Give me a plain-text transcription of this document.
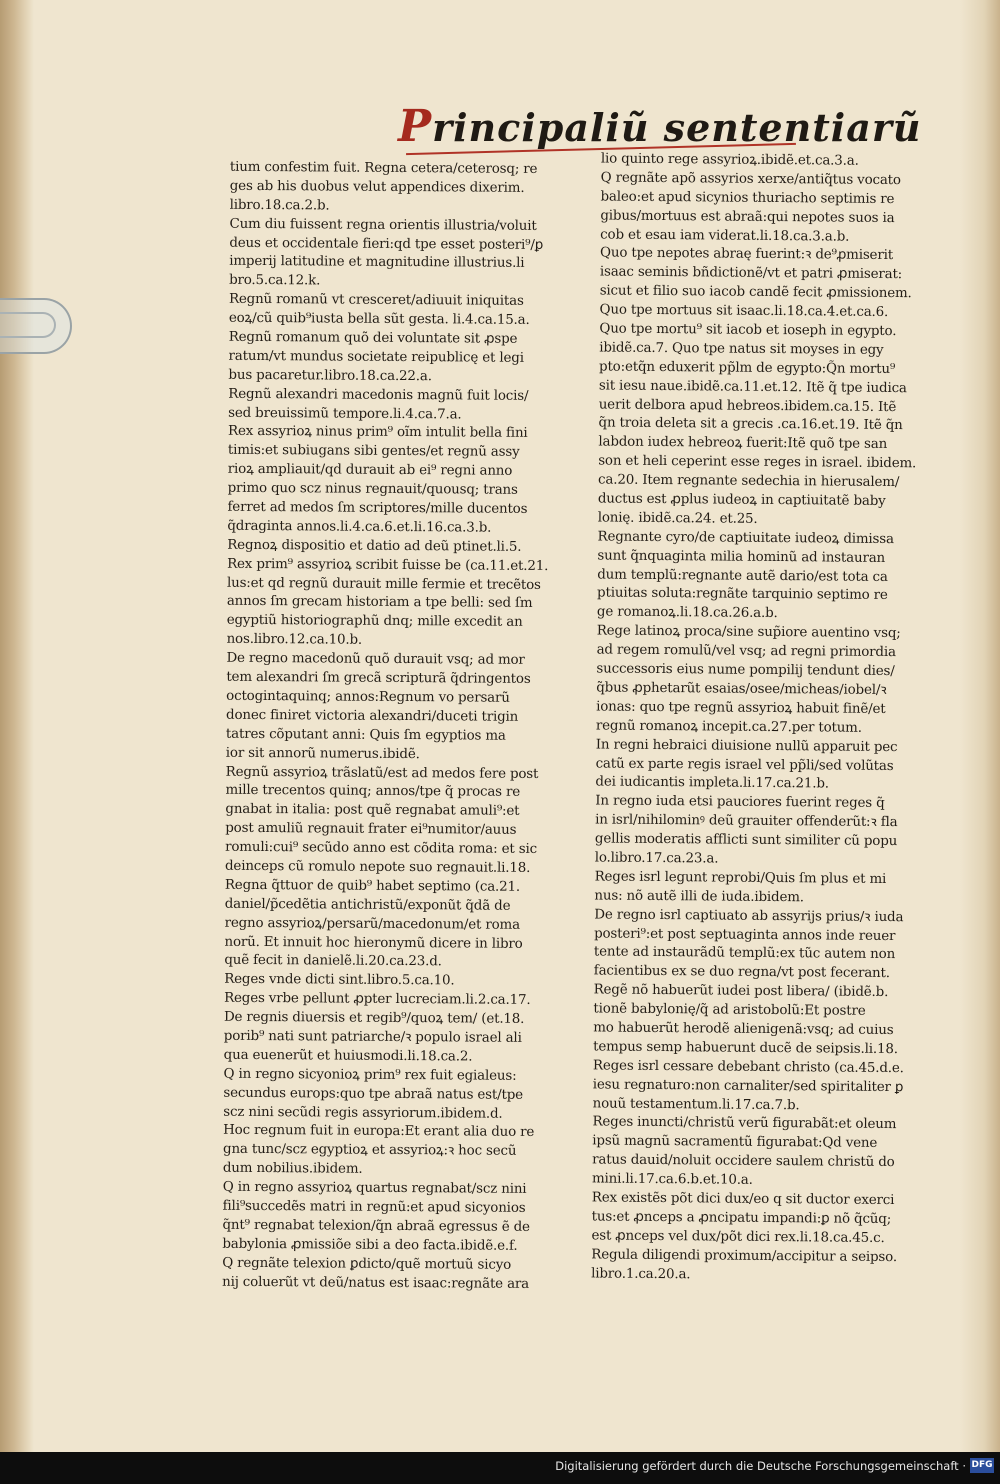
Principaliũ sententiarũ
tium confestim fuit. Regna cetera/ceterosq; re
ges ab his duobus velut appendices dixerim.
libro.18.ca.2.b.
Cum diu fuissent regna orientis illustria/voluit
deus et occidentale fieri:qd tpe esset posteri⁹/ꝑ
imperij latitudine et magnitudine illustrius.li
bro.5.ca.12.k.
Regnũ romanũ vt cresceret/adiuuit iniquitas
eoꝝ/cũ quib⁹iusta bella sũt gesta. li.4.ca.15.a.
Regnũ romanum quõ dei voluntate sit ꝓspe
ratum/vt mundus societate reipublicę et legi
bus pacaretur.libro.18.ca.22.a.
Regnũ alexandri macedonis magnũ fuit locis/
sed breuissimũ tempore.li.4.ca.7.a.
Rex assyrioꝝ ninus prim⁹ oĩm intulit bella fini
timis:et subiugans sibi gentes/et regnũ assy
rioꝝ ampliauit/qd durauit ab ei⁹ regni anno
primo quo scz ninus regnauit/quousq; trans
ferret ad medos ſm scriptores/mille ducentos
q̃draginta annos.li.4.ca.6.et.li.16.ca.3.b.
Regnoꝝ dispositio et datio ad deũ ptinet.li.5.
Rex prim⁹ assyrioꝝ scribit fuisse be (ca.11.et.21.
lus:et qd regnũ durauit mille fermie et trecẽtos
annos ſm grecam historiam a tpe belli: sed ſm
egyptiũ historiographũ dnq; mille excedit an
nos.libro.12.ca.10.b.
De regno macedonũ quõ durauit vsq; ad mor
tem alexandri ſm grecã scripturã q̃dringentos
octogintaquinq; annos:Regnum vo persarũ
donec finiret victoria alexandri/duceti trigin
tatres cõputant anni: Quis ſm egyptios ma
ior sit annorũ numerus.ibidẽ.
Regnũ assyrioꝝ trãslatũ/est ad medos fere post
mille trecentos quinq; annos/tpe q̃ procas re
gnabat in italia: post quẽ regnabat amuli⁹:et
post amuliũ regnauit frater ei⁹numitor/auus
romuli:cui⁹ secũdo anno est cõdita roma: et sic
deinceps cũ romulo nepote suo regnauit.li.18.
Regna q̃ttuor de quib⁹ habet septimo (ca.21.
daniel/p̃cedẽtia antichristũ/exponũt q̃dã de
regno assyrioꝝ/persarũ/macedonum/et roma
norũ. Et innuit hoc hieronymũ dicere in libro
quẽ fecit in danielẽ.li.20.ca.23.d.
Reges vnde dicti sint.libro.5.ca.10.
Reges vrbe pellunt ꝓpter lucreciam.li.2.ca.17.
De regnis diuersis et regib⁹/quoꝝ tem/ (et.18.
porib⁹ nati sunt patriarche/ꝛ populo israel ali
qua euenerũt et huiusmodi.li.18.ca.2.
Q in regno sicyonioꝝ prim⁹ rex fuit egialeus:
secundus europs:quo tpe abraã natus est/tpe
scz nini secũdi regis assyriorum.ibidem.d.
Hoc regnum fuit in europa:Et erant alia duo re
gna tunc/scz egyptioꝝ et assyrioꝝ:ꝛ hoc secũ
dum nobilius.ibidem.
Q in regno assyrioꝝ quartus regnabat/scz nini
fili⁹succedẽs matri in regnũ:et apud sicyonios
q̃nt⁹ regnabat telexion/q̃n abraã egressus ẽ de
babylonia ꝓmissiõe sibi a deo facta.ibidẽ.e.f.
Q regnãte telexion ꝑdicto/quẽ mortuũ sicyo
nij coluerũt vt deũ/natus est isaac:regnãte ara
lio quinto rege assyrioꝝ.ibidẽ.et.ca.3.a.
Q regnãte apõ assyrios xerxe/antiq̃tus vocato
baleo:et apud sicynios thuriacho septimis re
gibus/mortuus est abraã:qui nepotes suos ia
cob et esau iam viderat.li.18.ca.3.a.b.
Quo tpe nepotes abraę fuerint:ꝛ de⁹ꝓmiserit
isaac seminis bñdictionẽ/vt et patri ꝓmiserat:
sicut et filio suo iacob candẽ fecit ꝓmissionem.
Quo tpe mortuus sit isaac.li.18.ca.4.et.ca.6.
Quo tpe mortu⁹ sit iacob et ioseph in egypto.
ibidẽ.ca.7. Quo tpe natus sit moyses in egy
pto:etq̃n eduxerit pp̃lm de egypto:Q̃n mortu⁹
sit iesu naue.ibidẽ.ca.11.et.12. Itẽ q̃ tpe iudica
uerit delbora apud hebreos.ibidem.ca.15. Itẽ
q̃n troia deleta sit a grecis .ca.16.et.19. Itẽ q̃n
labdon iudex hebreoꝝ fuerit:Itẽ quõ tpe san
son et heli ceperint esse reges in israel. ibidem.
ca.20. Item regnante sedechia in hierusalem/
ductus est ꝓplus iudeoꝝ in captiuitatẽ baby
lonię. ibidẽ.ca.24. et.25.
Regnante cyro/de captiuitate iudeoꝝ dimissa
sunt q̃nquaginta milia hominũ ad instauran
dum templũ:regnante autẽ dario/est tota ca
ptiuitas soluta:regnãte tarquinio septimo re
ge romanoꝝ.li.18.ca.26.a.b.
Rege latinoꝝ proca/sine sup̃iore auentino vsq;
ad regem romulũ/vel vsq; ad regni primordia
successoris eius nume pompilij tendunt dies/
q̃bus ꝓphetarũt esaias/osee/micheas/iobel/ꝛ
ionas: quo tpe regnũ assyrioꝝ habuit finẽ/et
regnũ romanoꝝ incepit.ca.27.per totum.
In regni hebraici diuisione nullũ apparuit pec
catũ ex parte regis israel vel pp̃li/sed volũtas
dei iudicantis impleta.li.17.ca.21.b.
In regno iuda etsi pauciores fuerint reges q̃
in isrl/nihilominꝰ deũ grauiter offenderũt:ꝛ fla
gellis moderatis afflicti sunt similiter cũ popu
lo.libro.17.ca.23.a.
Reges isrl legunt reprobi/Quis ſm plus et mi
nus: nõ autẽ illi de iuda.ibidem.
De regno isrl captiuato ab assyrijs prius/ꝛ iuda
posteri⁹:et post septuaginta annos inde reuer
tente ad instaurãdũ templũ:ex tũc autem non
facientibus ex se duo regna/vt post fecerant.
Regẽ nõ habuerũt iudei post libera/ (ibidẽ.b.
tionẽ babylonię/q̃ ad aristobolũ:Et postre
mo habuerũt herodẽ alienigenã:vsq; ad cuius
tempus semp habuerunt ducẽ de seipsis.li.18.
Reges isrl cessare debebant christo (ca.45.d.e.
iesu regnaturo:non carnaliter/sed spiritaliter ꝑ
nouũ testamentum.li.17.ca.7.b.
Reges inuncti/christũ verũ figurabãt:et oleum
ipsũ magnũ sacramentũ figurabat:Qd vene
ratus dauid/noluit occidere saulem christũ do
mini.li.17.ca.6.b.et.10.a.
Rex existẽs põt dici dux/eo q sit ductor exerci
tus:et ꝓnceps a ꝓncipatu impandi:ꝑ nõ q̃cũq;
est ꝓnceps vel dux/põt dici rex.li.18.ca.45.c.
Regula diligendi proximum/accipitur a seipso.
libro.1.ca.20.a.
Digitalisierung gefördert durch die Deutsche Forschungsgemeinschaft · DFG
